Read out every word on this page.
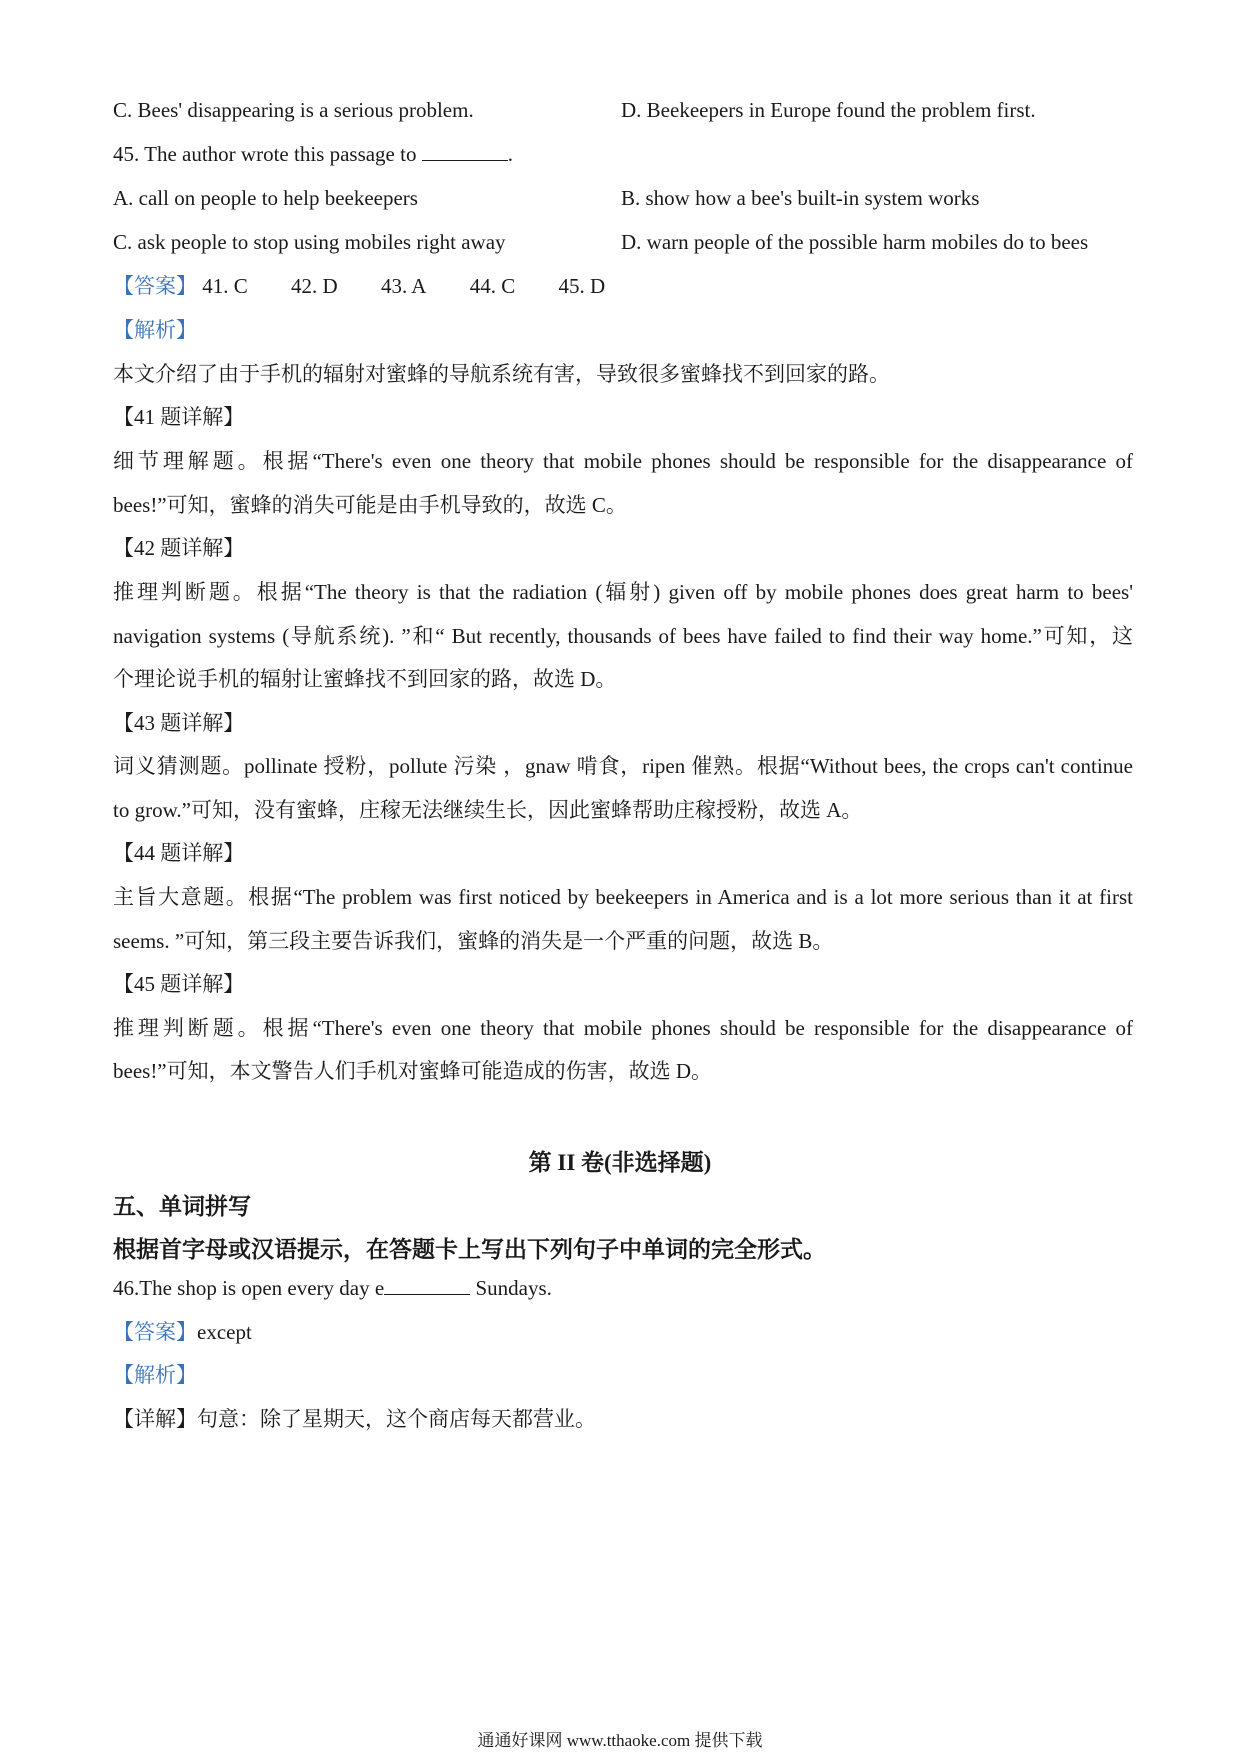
C. Bees' disappearing is a serious problem.	D. Beekeepers in Europe found the problem first.
45. The author wrote this passage to	.
A. call on people to help beekeepers	B. show how a bee's built-in system works
C. ask people to stop using mobiles right away	D. warn people of the possible harm mobiles do to bees
【答案】 41. C 42. D 43. A 44. C 45. D
【解析】
本文介绍了由于手机的辐射对蜜蜂的导航系统有害，导致很多蜜蜂找不到回家的路。
【41 题详解】
细节理解题。根据“There's even one theory that mobile phones should be responsible for the disappearance of
bees!”可知，蜜蜂的消失可能是由手机导致的，故选 C。
【42 题详解】
推理判断题。根据“The theory is that the radiation (辐射) given off by mobile phones does great harm to bees'
navigation systems (导航系统). ”和“ But recently, thousands of bees have failed to find their way home.”可知，这
个理论说手机的辐射让蜜蜂找不到回家的路，故选 D。
【43 题详解】
词义猜测题。pollinate 授粉，pollute 污染 ，gnaw 啃食，ripen 催熟。根据“Without bees, the crops can't continue
to grow.”可知，没有蜜蜂，庄稼无法继续生长，因此蜜蜂帮助庄稼授粉，故选 A。
【44 题详解】
主旨大意题。根据“The problem was first noticed by beekeepers in America and is a lot more serious than it at first
seems. ”可知，第三段主要告诉我们，蜜蜂的消失是一个严重的问题，故选 B。
【45 题详解】
推理判断题。根据“There's even one theory that mobile phones should be responsible for the disappearance of
bees!”可知，本文警告人们手机对蜜蜂可能造成的伤害，故选 D。
第 II 卷(非选择题)
五、单词拼写
根据首字母或汉语提示，在答题卡上写出下列句子中单词的完全形式。
46.The shop is open every day e	Sundays.
【答案】except
【解析】
【详解】句意：除了星期天，这个商店每天都营业。
通通好课网 www.tthaoke.com 提供下载
